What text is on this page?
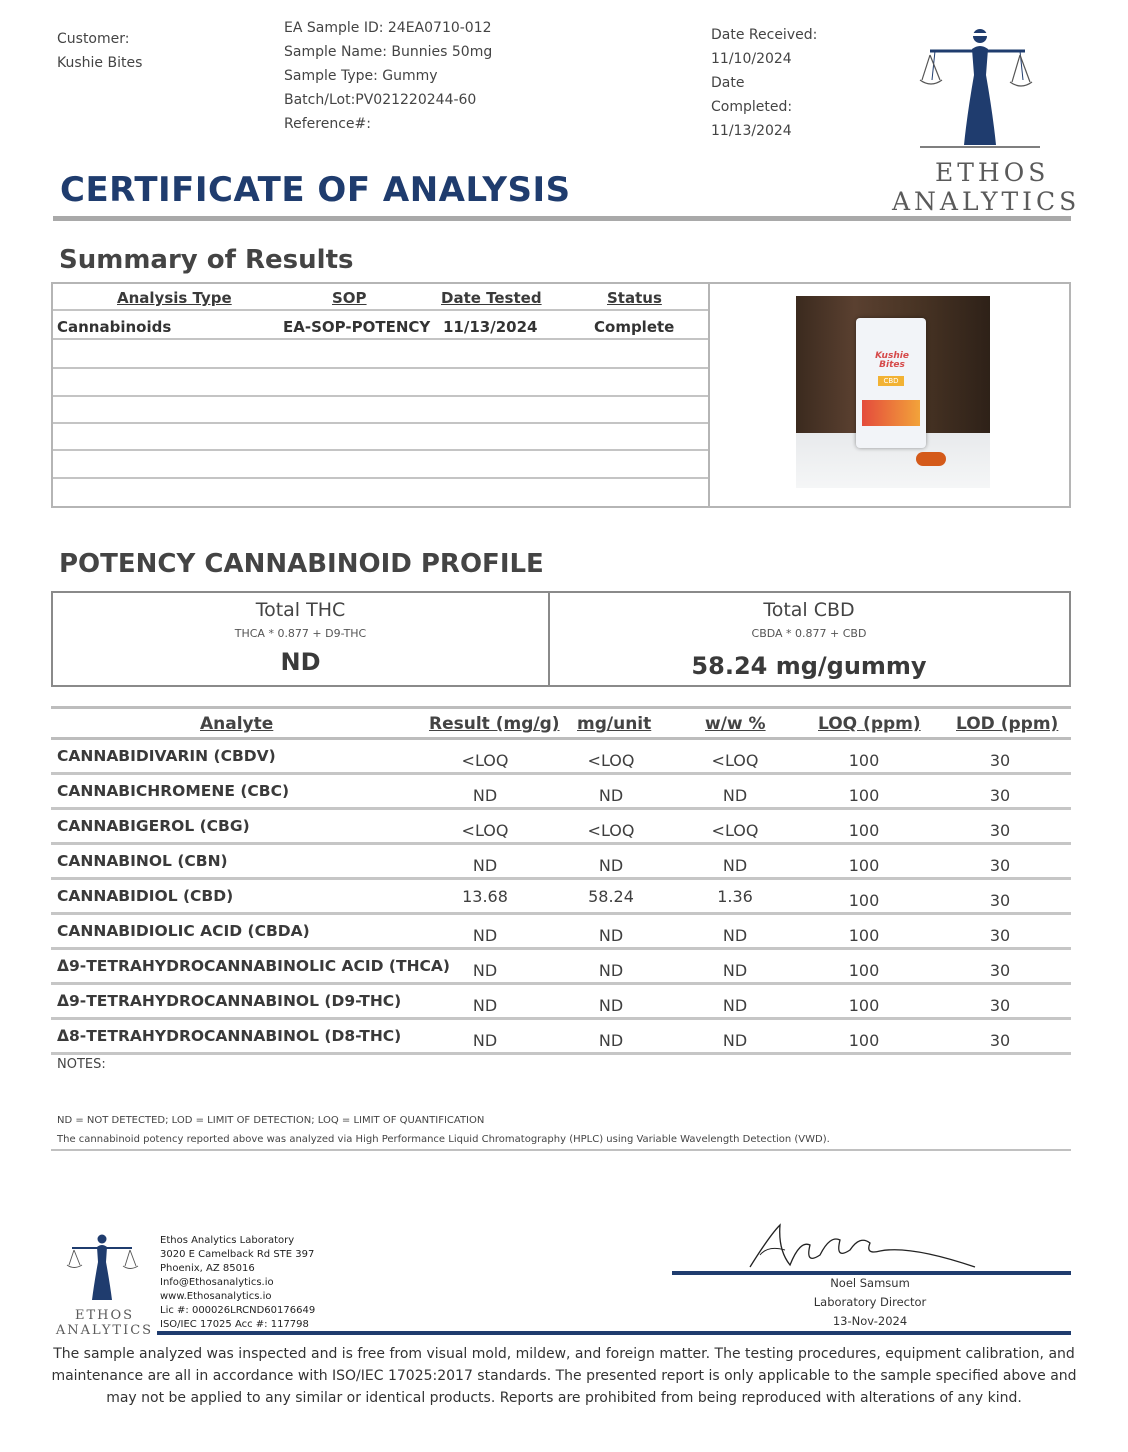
Customer:
Kushie Bites
EA Sample ID: 24EA0710-012
Sample Name: Bunnies 50mg
Sample Type: Gummy
Batch/Lot:PV021220244-60
Reference#:
Date Received:
11/10/2024
Date
Completed:
11/13/2024
ETHOS
ANALYTICS
CERTIFICATE OF ANALYSIS
Summary of Results
Analysis Type	SOP	Date Tested	Status
Cannabinoids	EA-SOP-POTENCY 11/13/2024	Complete
Kushie Bites
CBD
POTENCY CANNABINOID PROFILE
Total THC
THCA * 0.877 + D9-THC
ND
Total CBD
CBDA * 0.877 + CBD
58.24 mg/gummy
Analyte	Result (mg/g) mg/unit	w/w %	LOQ (ppm) LOD (ppm)
CANNABIDIVARIN (CBDV)	<LOQ	<LOQ	<LOQ	100	30
CANNABICHROMENE (CBC)	ND	ND	ND	100	30
CANNABIGEROL (CBG)	<LOQ	<LOQ	<LOQ	100	30
CANNABINOL (CBN)	ND	ND	ND	100	30
CANNABIDIOL (CBD)	13.68	58.24	1.36	100	30
CANNABIDIOLIC ACID (CBDA)	ND	ND	ND	100	30
Δ9-TETRAHYDROCANNABINOLIC ACID (THCA)	ND	ND	ND	100	30
Δ9-TETRAHYDROCANNABINOL (D9-THC)	ND	ND	ND	100	30
Δ8-TETRAHYDROCANNABINOL (D8-THC)	ND	ND	ND	100	30
NOTES:
ND = NOT DETECTED; LOD = LIMIT OF DETECTION; LOQ = LIMIT OF QUANTIFICATION
The cannabinoid potency reported above was analyzed via High Performance Liquid Chromatography (HPLC) using Variable Wavelength Detection (VWD).
ETHOS
ANALYTICS
Ethos Analytics Laboratory
3020 E Camelback Rd STE 397
Phoenix, AZ 85016
Info@Ethosanalytics.io
www.Ethosanalytics.io
Lic #: 000026LRCND60176649
ISO/IEC 17025 Acc #: 117798
Noel Samsum
Laboratory Director
13-Nov-2024
The sample analyzed was inspected and is free from visual mold, mildew, and foreign matter. The testing procedures, equipment calibration, and maintenance are all in accordance with ISO/IEC 17025:2017 standards. The presented report is only applicable to the sample specified above and may not be applied to any similar or identical products. Reports are prohibited from being reproduced with alterations of any kind.
